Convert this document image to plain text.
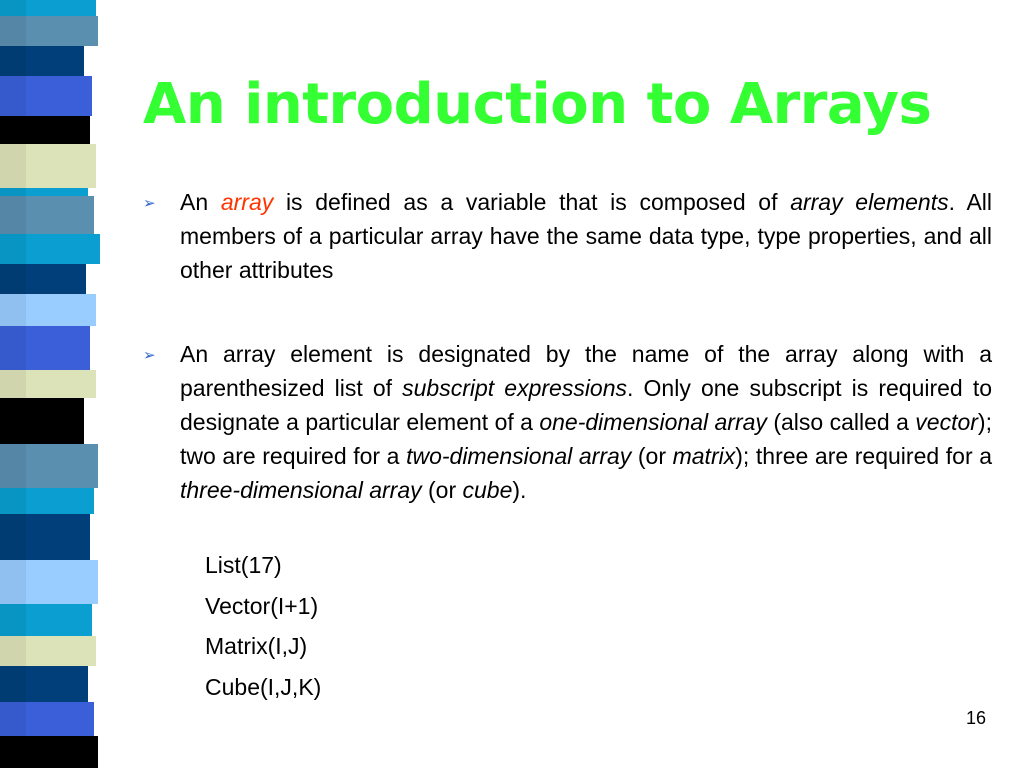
An introduction to Arrays
➢ An array is defined as a variable that is composed of array elements. All members of a particular array have the same data type, type properties, and all other attributes

➢ An array element is designated by the name of the array along with a parenthesized list of subscript expressions. Only one subscript is required to designate a particular element of a one-dimensional array (also called a vector); two are required for a two-dimensional array (or matrix); three are required for a three-dimensional array (or cube).

List(17)
Vector(I+1)
Matrix(I,J)
Cube(I,J,K)
16
